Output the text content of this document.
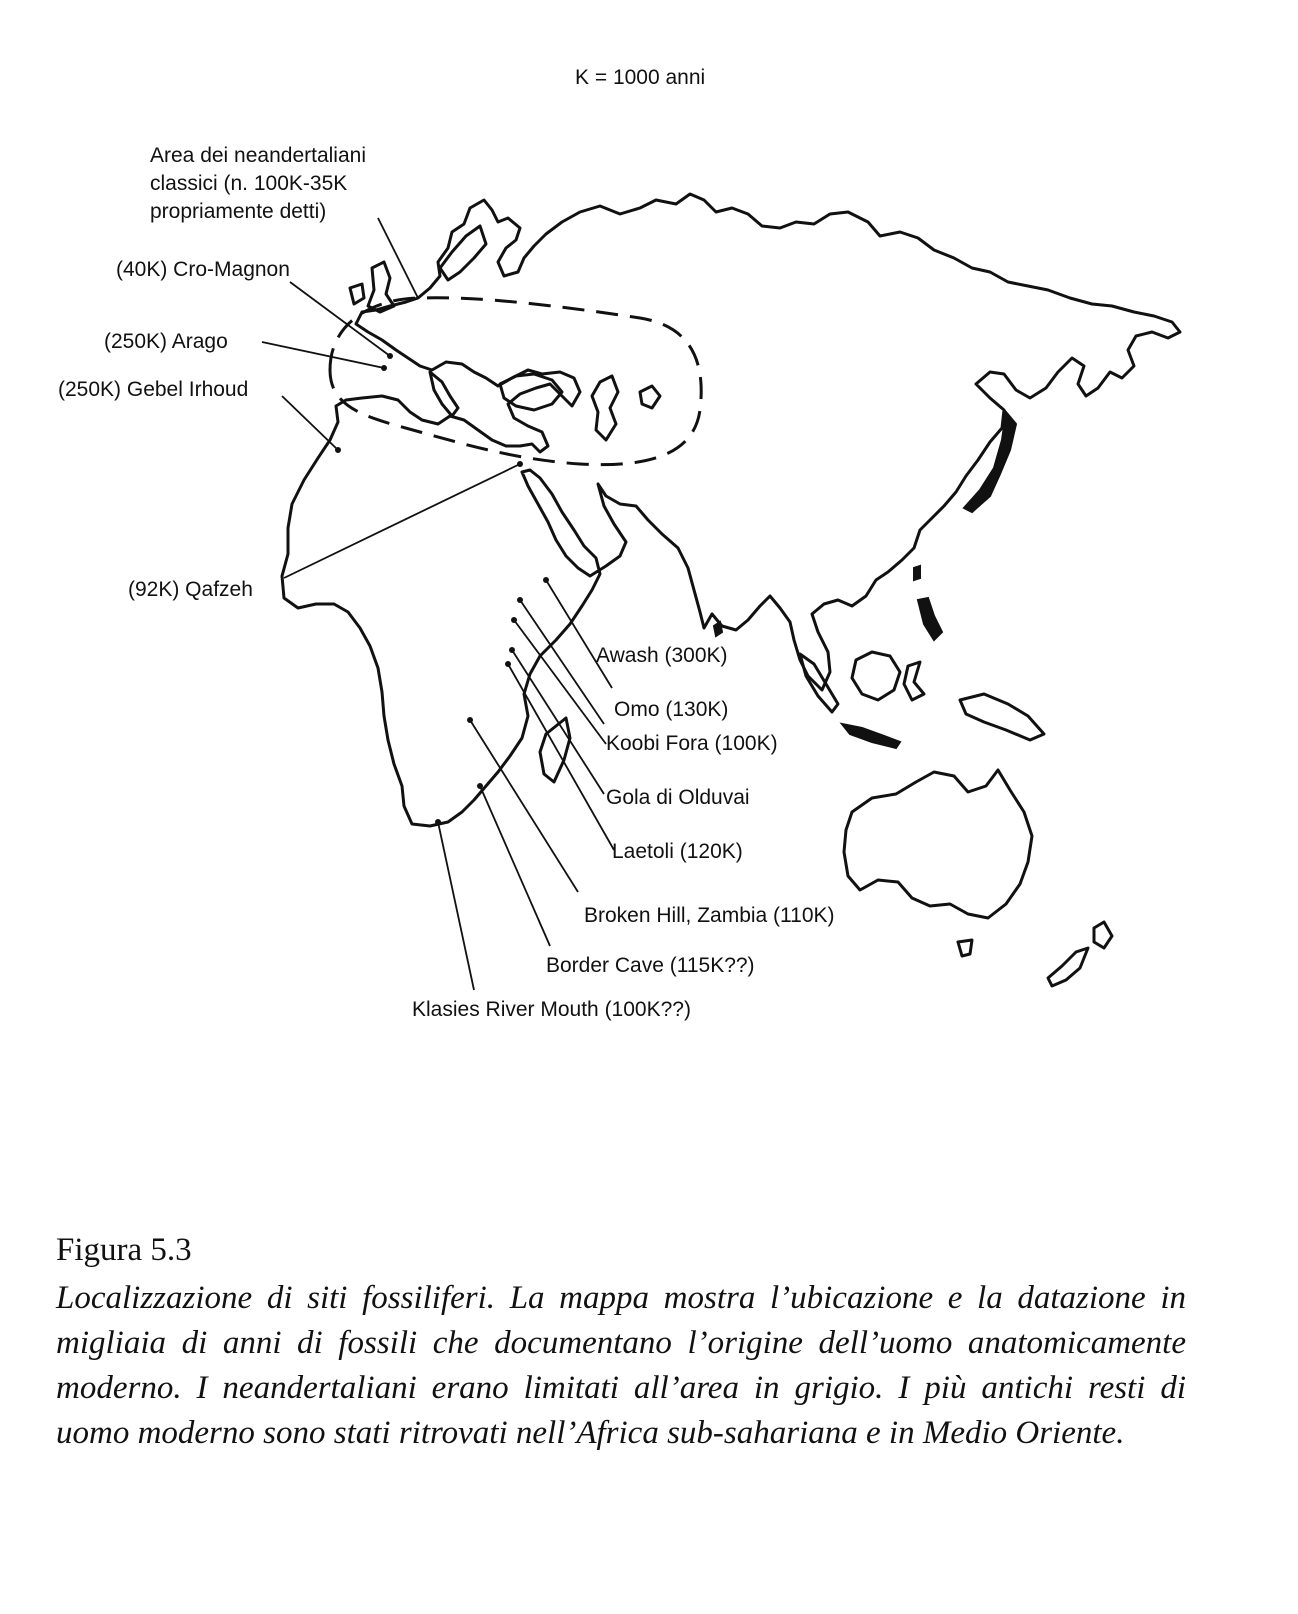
K = 1000 anni
Area dei neandertaliani classici (n. 100K-35K propriamente detti)
(40K) Cro-Magnon
(250K) Arago
(250K) Gebel Irhoud
(92K) Qafzeh
Awash (300K)
Omo (130K)
Koobi Fora (100K)
Gola di Olduvai
Laetoli (120K)
Broken Hill, Zambia (110K)
Border Cave (115K??)
Klasies River Mouth (100K??)
Figura 5.3

Localizzazione di siti fossiliferi. La mappa mostra l’ubicazione e la datazione in migliaia di anni di fossili che documentano l’origine dell’uomo anatomicamente moderno. I neandertaliani erano limitati all’area in grigio. I più antichi resti di uomo moderno sono stati ritrovati nell’Africa sub-sahariana e in Medio Oriente.
